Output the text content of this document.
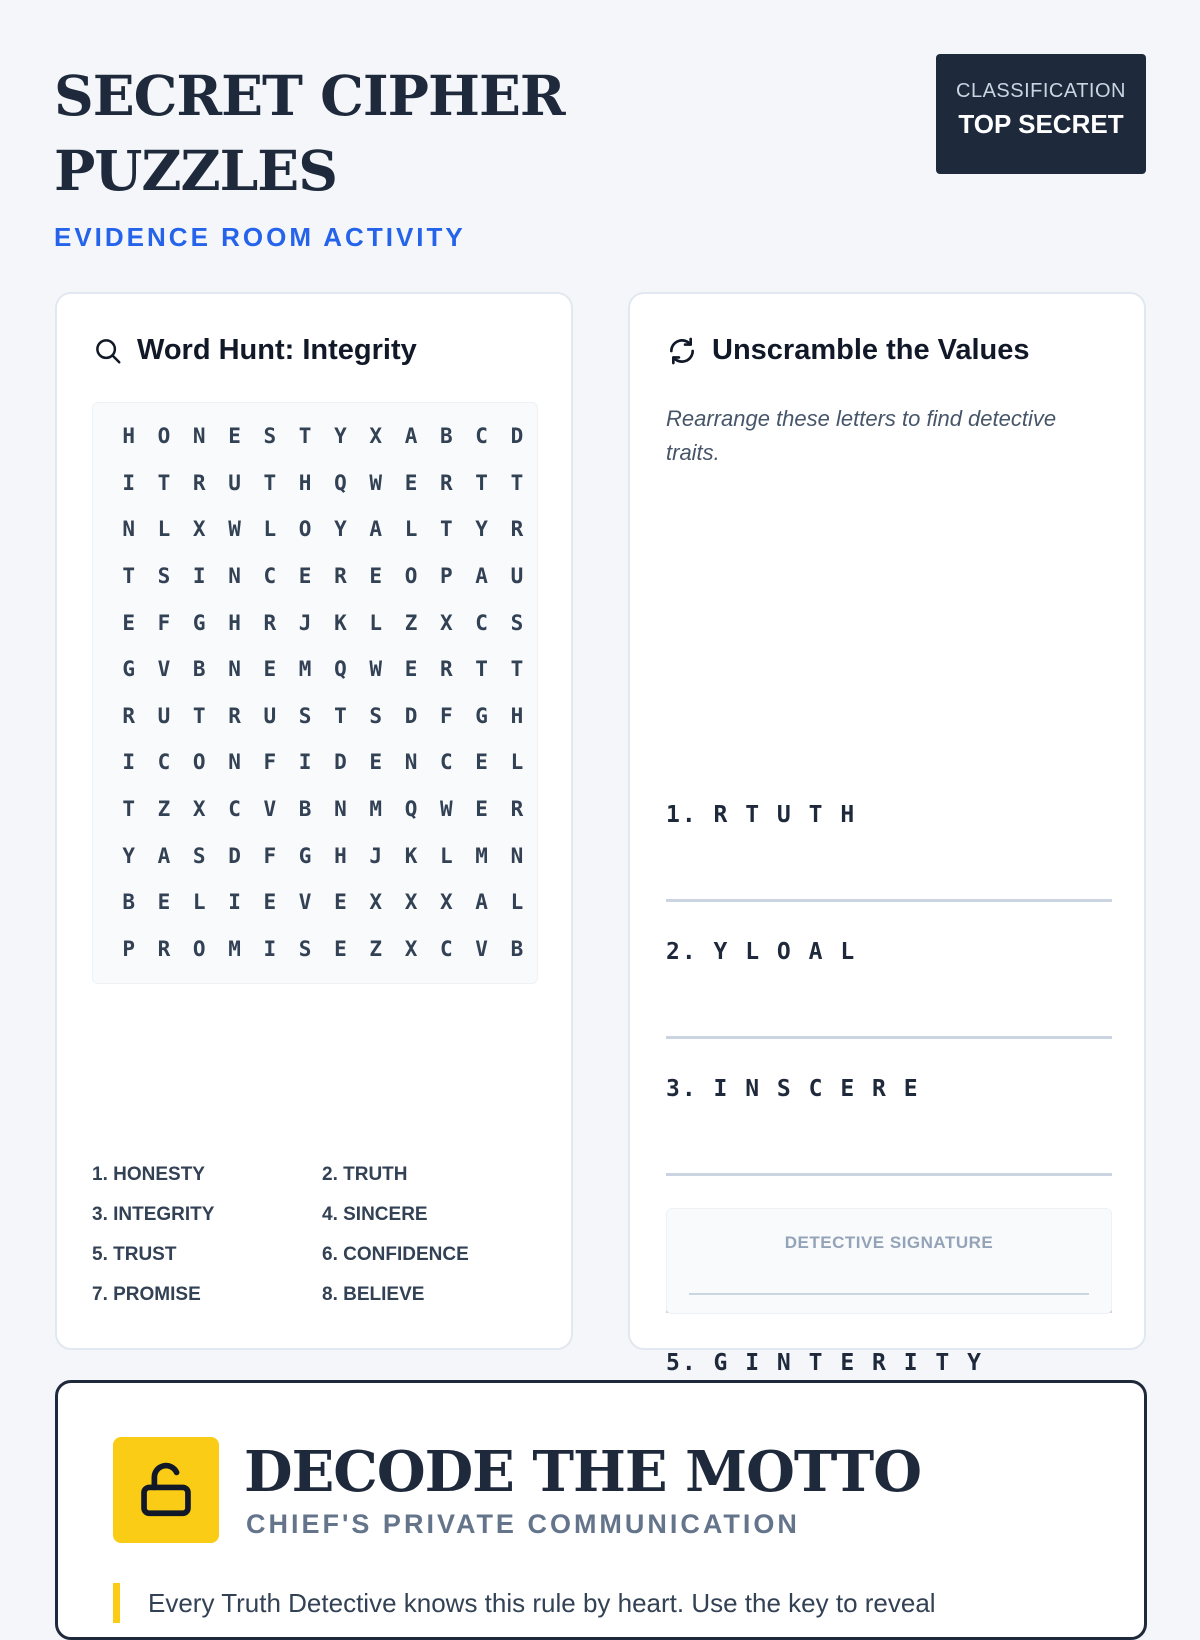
SECRET CIPHER PUZZLES
EVIDENCE ROOM ACTIVITY
CLASSIFICATION
TOP SECRET
Word Hunt: Integrity
H	O	N	E	S	T	Y	X	A	B	C	D
I	T	R	U	T	H	Q	W	E	R	T	T
N	L	X	W	L	O	Y	A	L	T	Y	R
T	S	I	N	C	E	R	E	O	P	A	U
E	F	G	H	R	J	K	L	Z	X	C	S
G	V	B	N	E	M	Q	W	E	R	T	T
R	U	T	R	U	S	T	S	D	F	G	H
I	C	O	N	F	I	D	E	N	C	E	L
T	Z	X	C	V	B	N	M	Q	W	E	R
Y	A	S	D	F	G	H	J	K	L	M	N
B	E	L	I	E	V	E	X	X	X	A	L
P	R	O	M	I	S	E	Z	X	C	V	B
1. HONESTY	2. TRUTH
3. INTEGRITY	4. SINCERE
5. TRUST	6. CONFIDENCE
7. PROMISE	8. BELIEVE
Unscramble the Values
Rearrange these letters to find detective traits.
1. R T U T H
2. Y L O A L
3. I N S C E R E
5. G I N T E R I T Y
DETECTIVE SIGNATURE
DECODE THE MOTTO
CHIEF'S PRIVATE COMMUNICATION
Every Truth Detective knows this rule by heart. Use the key to reveal
